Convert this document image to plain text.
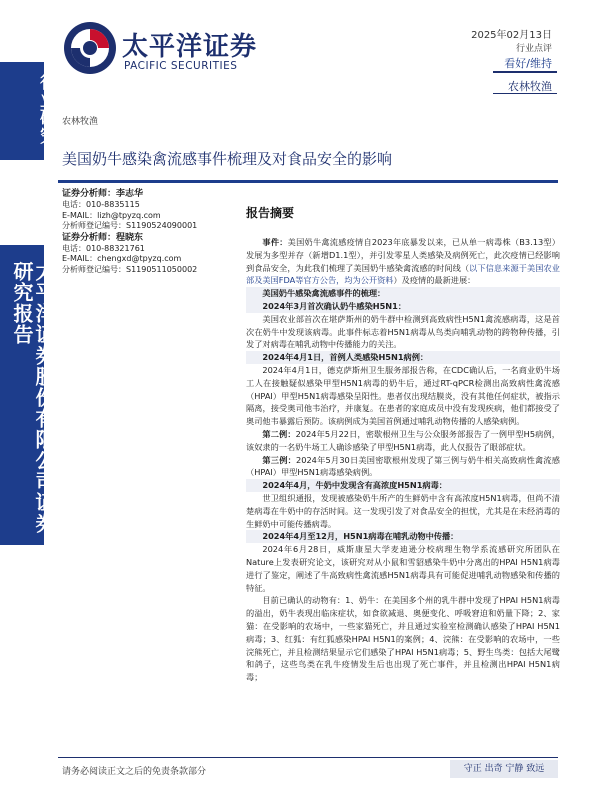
太平洋证券
PACIFIC SECURITIES
2025年02月13日
行业点评
看好/维持
农林牧渔
行业研究
太平洋证券股份有限公司证券研究报告
农林牧渔
美国奶牛感染禽流感事件梳理及对食品安全的影响
证券分析师：李志华
电话：010-8835115
E-MAIL：lizh@tpyzq.com
分析师登记编号：S1190524090001
证券分析师：程晓东
电话：010-88321761
E-MAIL：chengxd@tpyzq.com
分析师登记编号：S1190511050002
报告摘要

事件：美国奶牛禽流感疫情自2023年底暴发以来，已从单一病毒株（B3.13型）发展为多型并存（新增D1.1型），并引发零星人类感染及病例死亡，此次疫情已经影响到食品安全，为此我们梳理了美国奶牛感染禽流感的时间线（以下信息来源于美国农业部及美国FDA等官方公告，均为公开资料）及疫情的最新进展：

美国奶牛感染禽流感事件的梳理：

2024年3月首次确认奶牛感染H5N1：

美国农业部首次在堪萨斯州的奶牛群中检测到高致病性H5N1禽流感病毒，这是首次在奶牛中发现该病毒。此事件标志着H5N1病毒从鸟类向哺乳动物的跨物种传播，引发了对病毒在哺乳动物中传播能力的关注。

2024年4月1日，首例人类感染H5N1病例：

2024年4月1日，德克萨斯州卫生服务部报告称，在CDC确认后，一名商业奶牛场工人在接触疑似感染甲型H5N1病毒的奶牛后，通过RT-qPCR检测出高致病性禽流感（HPAI）甲型H5N1病毒感染呈阳性。患者仅出现结膜炎，没有其他任何症状，被指示隔离，接受奥司他韦治疗，并康复。在患者的家庭成员中没有发现疾病，他们都接受了奥司他韦暴露后预防。该病例成为美国首例通过哺乳动物传播的人感染病例。

第二例：2024年5月22日，密歇根州卫生与公众服务部报告了一例甲型H5病例，该奴隶的一名奶牛场工人确诊感染了甲型H5N1病毒，此人仅报告了眼部症状。

第三例：2024年5月30日美国密歇根州发现了第三例与奶牛相关高致病性禽流感（HPAI）甲型H5N1病毒感染病例。

2024年4月，牛奶中发现含有高浓度H5N1病毒：

世卫组织通报，发现被感染奶牛所产的生鲜奶中含有高浓度H5N1病毒，但尚不清楚病毒在牛奶中的存活时间。这一发现引发了对食品安全的担忧，尤其是在未经消毒的生鲜奶中可能传播病毒。

2024年4月至12月，H5N1病毒在哺乳动物中传播：

2024年6月28日，威斯康星大学麦迪逊分校病理生物学系流感研究所团队在Nature上发表研究论文，该研究对从小鼠和雪貂感染牛奶中分离出的HPAI H5N1病毒进行了鉴定，阐述了牛高致病性禽流感H5N1病毒具有可能促进哺乳动物感染和传播的特征。

目前已确认的动物有：1、奶牛：在美国多个州的乳牛群中发现了HPAI H5N1病毒的溢出，奶牛表现出临床症状，如食欲减退、奥便变化、呼吸窘迫和奶量下降；2、家猫：在受影响的农场中，一些家猫死亡，并且通过实验室检测确认感染了HPAI H5N1病毒；3、红狐：有红狐感染HPAI H5N1的案例；4、浣熊：在受影响的农场中，一些浣熊死亡，并且检测结果显示它们感染了HPAI H5N1病毒；5、野生鸟类：包括大尾鹭和鸽子，这些鸟类在乳牛疫情发生后也出现了死亡事件，并且检测出HPAI H5N1病毒；

请务必阅读正文之后的免责条款部分	守正 出奇 宁静 致远
